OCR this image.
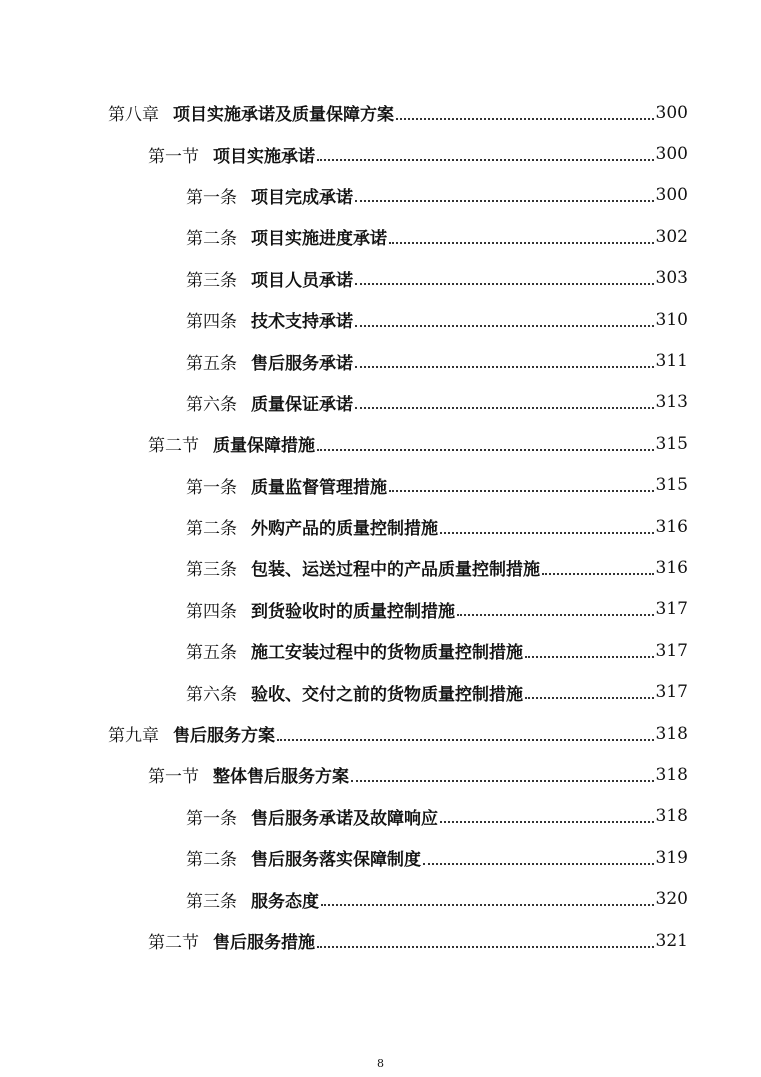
第八章 项目实施承诺及质量保障方案	300
第一节 项目实施承诺	300
第一条 项目完成承诺	300
第二条 项目实施进度承诺	302
第三条 项目人员承诺	303
第四条 技术支持承诺	310
第五条 售后服务承诺	311
第六条 质量保证承诺	313
第二节 质量保障措施	315
第一条 质量监督管理措施	315
第二条 外购产品的质量控制措施	316
第三条 包装、运送过程中的产品质量控制措施	316
第四条 到货验收时的质量控制措施	317
第五条 施工安装过程中的货物质量控制措施	317
第六条 验收、交付之前的货物质量控制措施	317
第九章 售后服务方案	318
第一节 整体售后服务方案	318
第一条 售后服务承诺及故障响应	318
第二条 售后服务落实保障制度	319
第三条 服务态度	320
第二节 售后服务措施	321
8
